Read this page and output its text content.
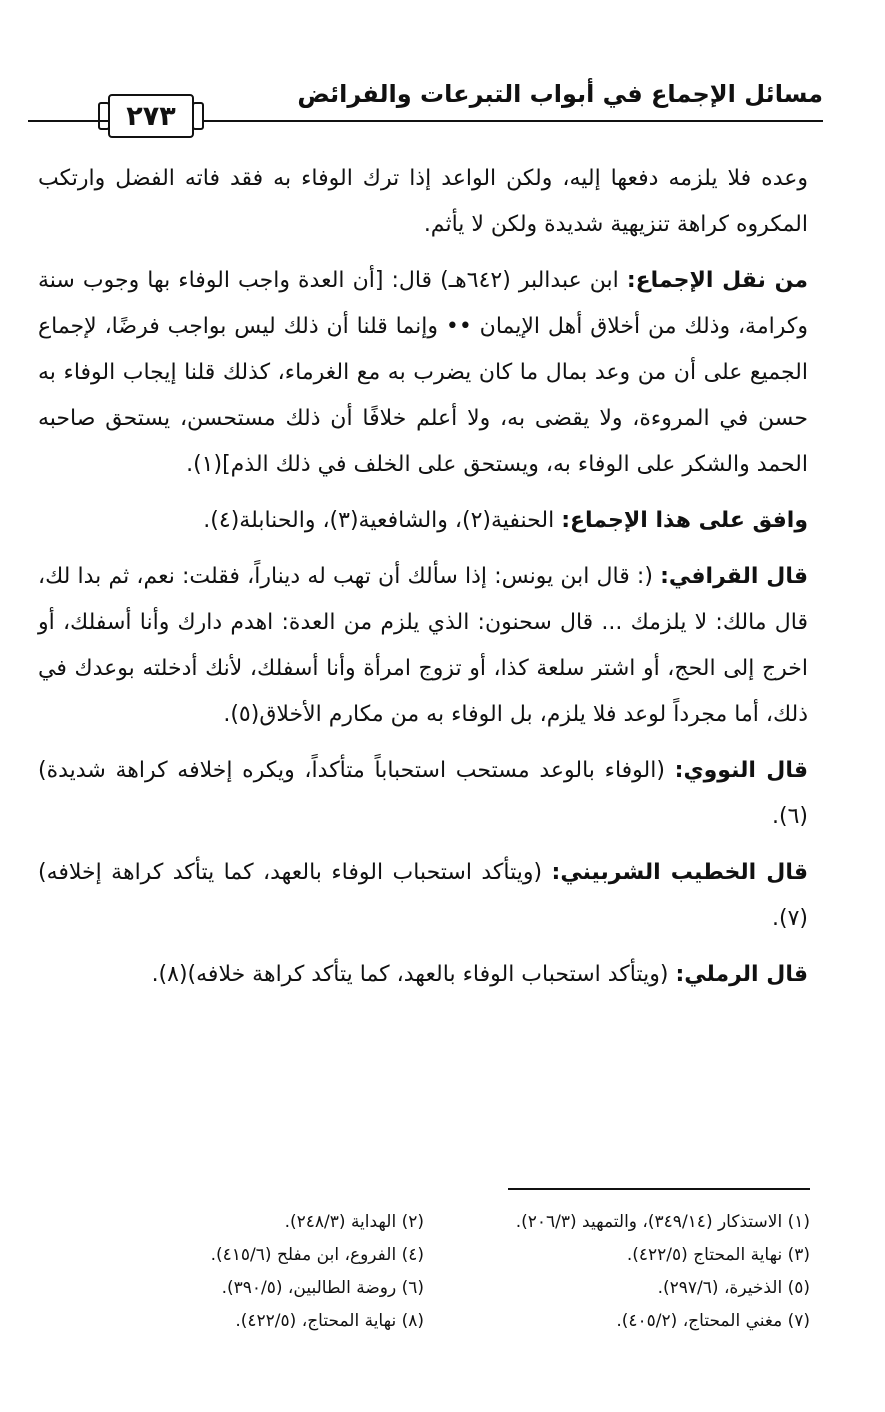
مسائل الإجماع في أبواب التبرعات والفرائض
٢٧٣

وعده فلا يلزمه دفعها إليه، ولكن الواعد إذا ترك الوفاء به فقد فاته الفضل وارتكب المكروه كراهة تنزيهية شديدة ولكن لا يأثم.

من نقل الإجماع: ابن عبدالبر (٦٤٢هـ) قال: [أن العدة واجب الوفاء بها وجوب سنة وكرامة، وذلك من أخلاق أهل الإيمان •• وإنما قلنا أن ذلك ليس بواجب فرضًا، لإجماع الجميع على أن من وعد بمال ما كان يضرب به مع الغرماء، كذلك قلنا إيجاب الوفاء به حسن في المروءة، ولا يقضى به، ولا أعلم خلافًا أن ذلك مستحسن، يستحق صاحبه الحمد والشكر على الوفاء به، ويستحق على الخلف في ذلك الذم](١).

وافق على هذا الإجماع: الحنفية(٢)، والشافعية(٣)، والحنابلة(٤).

قال القرافي: (: قال ابن يونس: إذا سألك أن تهب له ديناراً، فقلت: نعم، ثم بدا لك، قال مالك: لا يلزمك ... قال سحنون: الذي يلزم من العدة: اهدم دارك وأنا أسفلك، أو اخرج إلى الحج، أو اشتر سلعة كذا، أو تزوج امرأة وأنا أسفلك، لأنك أدخلته بوعدك في ذلك، أما مجرداً لوعد فلا يلزم، بل الوفاء به من مكارم الأخلاق(٥).

قال النووي: (الوفاء بالوعد مستحب استحباباً متأكداً، ويكره إخلافه كراهة شديدة)(٦).

قال الخطيب الشربيني: (ويتأكد استحباب الوفاء بالعهد، كما يتأكد كراهة إخلافه)(٧).

قال الرملي: (ويتأكد استحباب الوفاء بالعهد، كما يتأكد كراهة خلافه)(٨).

(١) الاستذكار (٣٤٩/١٤)، والتمهيد (٢٠٦/٣).
(٢) الهداية (٢٤٨/٣).
(٣) نهاية المحتاج (٤٢٢/٥).
(٤) الفروع، ابن مفلح (٤١٥/٦).
(٥) الذخيرة، (٢٩٧/٦).
(٦) روضة الطالبين، (٣٩٠/٥).
(٧) مغني المحتاج، (٤٠٥/٢).
(٨) نهاية المحتاج، (٤٢٢/٥).
